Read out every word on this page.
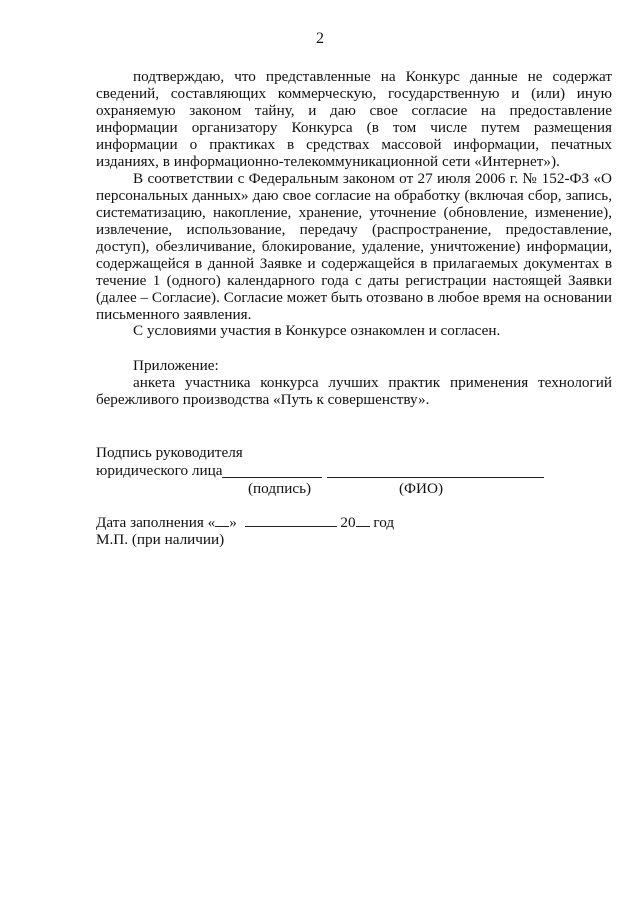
2

подтверждаю, что представленные на Конкурс данные не содержат сведений, составляющих коммерческую, государственную и (или) иную охраняемую законом тайну, и даю свое согласие на предоставление информации организатору Конкурса (в том числе путем размещения информации о практиках в средствах массовой информации, печатных изданиях, в информационно-телекоммуникационной сети «Интернет»).

В соответствии с Федеральным законом от 27 июля 2006 г. № 152-ФЗ «О персональных данных» даю свое согласие на обработку (включая сбор, запись, систематизацию, накопление, хранение, уточнение (обновление, изменение), извлечение, использование, передачу (распространение, предоставление, доступ), обезличивание, блокирование, удаление, уничтожение) информации, содержащейся в данной Заявке и содержащейся в прилагаемых документах в течение 1 (одного) календарного года с даты регистрации настоящей Заявки (далее – Согласие). Согласие может быть отозвано в любое время на основании письменного заявления.

С условиями участия в Конкурсе ознакомлен и согласен.

Приложение:

анкета участника конкурса лучших практик применения технологий бережливого производства «Путь к совершенству».

Подпись руководителя
юридического лица
(подпись)	(ФИО)
Дата заполнения « »	20 год
М.П. (при наличии)
